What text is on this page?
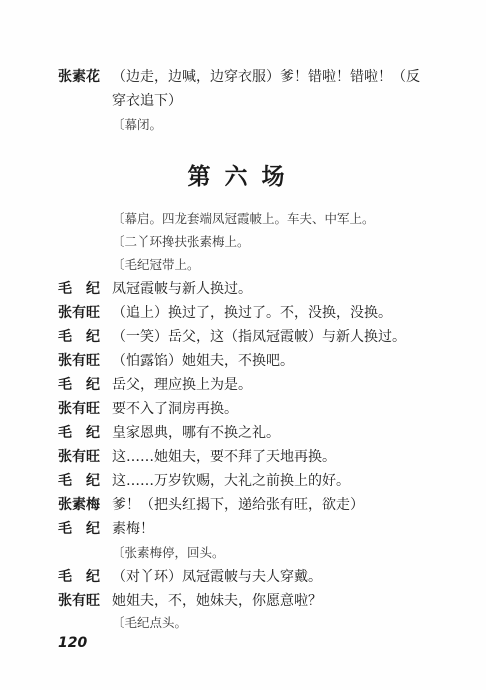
张素花 （边走，边喊，边穿衣服）爹！错啦！错啦！（反
穿衣追下）
〔幕闭。
第六场
〔幕启。四龙套端凤冠霞帔上。车夫、中军上。
〔二丫环搀扶张素梅上。
〔毛纪冠带上。
毛　纪 凤冠霞帔与新人换过。
张有旺 （追上）换过了，换过了。不，没换，没换。
毛　纪 （一笑）岳父，这（指凤冠霞帔）与新人换过。
张有旺 （怕露馅）她姐夫，不换吧。
毛　纪 岳父，理应换上为是。
张有旺 要不入了洞房再换。
毛　纪 皇家恩典，哪有不换之礼。
张有旺 这……她姐夫，要不拜了天地再换。
毛　纪 这……万岁钦赐，大礼之前换上的好。
张素梅 爹！（把头红揭下，递给张有旺，欲走）
毛　纪 素梅！
〔张素梅停，回头。
毛　纪 （对丫环）凤冠霞帔与夫人穿戴。
张有旺 她姐夫，不，她妹夫，你愿意啦？
〔毛纪点头。
120
